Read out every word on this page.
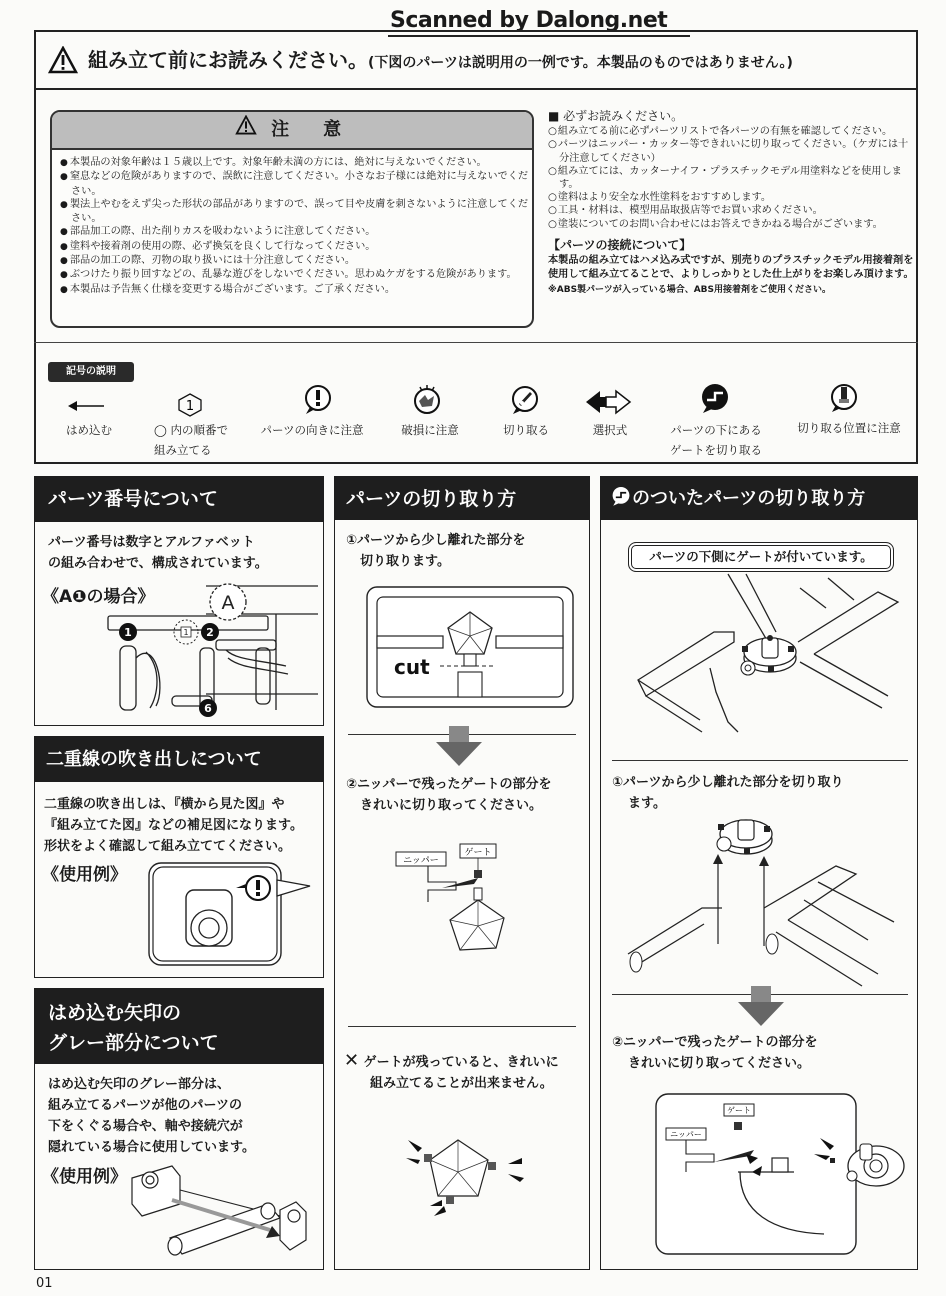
Scanned by Dalong.net
組み立て前にお読みください。(下図のパーツは説明用の一例です。本製品のものではありません。)
注　意
● 本製品の対象年齢は１５歳以上です。対象年齢未満の方には、絶対に与えないでください。
● 窒息などの危険がありますので、誤飲に注意してください。小さなお子様には絶対に与えないでください。
● 製法上やむをえず尖った形状の部品がありますので、誤って目や皮膚を刺さないように注意してください。
● 部品加工の際、出た削りカスを吸わないように注意してください。
● 塗料や接着剤の使用の際、必ず換気を良くして行なってください。
● 部品の加工の際、刃物の取り扱いには十分注意してください。
● ぶつけたり振り回すなどの、乱暴な遊びをしないでください。思わぬケガをする危険があります。
● 本製品は予告無く仕様を変更する場合がございます。ご了承ください。
■ 必ずお読みください。
○ 組み立てる前に必ずパーツリストで各パーツの有無を確認してください。
○ パーツはニッパー・カッター等できれいに切り取ってください。（ケガには十分注意してください）
○ 組み立てには、カッターナイフ・プラスチックモデル用塗料などを使用します。
○ 塗料はより安全な水性塗料をおすすめします。
○ 工具・材料は、模型用品取扱店等でお買い求めください。
○ 塗装についてのお問い合わせにはお答えできかねる場合がございます。
【パーツの接続について】
本製品の組み立てはハメ込み式ですが、別売りのプラスチックモデル用接着剤を使用して組み立てることで、よりしっかりとした仕上がりをお楽しみ頂けます。
※ABS製パーツが入っている場合、ABS用接着剤をご使用ください。
記号の説明
1
はめ込む	◯ 内の順番で
組み立てる
パーツの向きに注意	破損に注意	切り取る	選択式	パーツの下にある
ゲートを切り取る
切り取る位置に注意
パーツ番号について
パーツ番号は数字とアルファベット
の組み合わせで、構成されています。
《A❶の場合》	A
1	1 2
6
二重線の吹き出しについて
二重線の吹き出しは、『横から見た図』や
『組み立てた図』などの補足図になります。
形状をよく確認して組み立ててください。
《使用例》
はめ込む矢印の
グレー部分について
はめ込む矢印のグレー部分は、
組み立てるパーツが他のパーツの
下をくぐる場合や、軸や接続穴が
隠れている場合に使用しています。
《使用例》
パーツの切り取り方
①パーツから少し離れた部分を
切り取ります。
cut
②ニッパーで残ったゲートの部分を
きれいに切り取ってください。
ニッパー
ゲート
✕ ゲートが残っていると、きれいに
組み立てることが出来ません。
のついたパーツの切り取り方
パーツの下側にゲートが付いています。
①パーツから少し離れた部分を切り取り
ます。
②ニッパーで残ったゲートの部分を
きれいに切り取ってください。
ゲート
ニッパー
01
